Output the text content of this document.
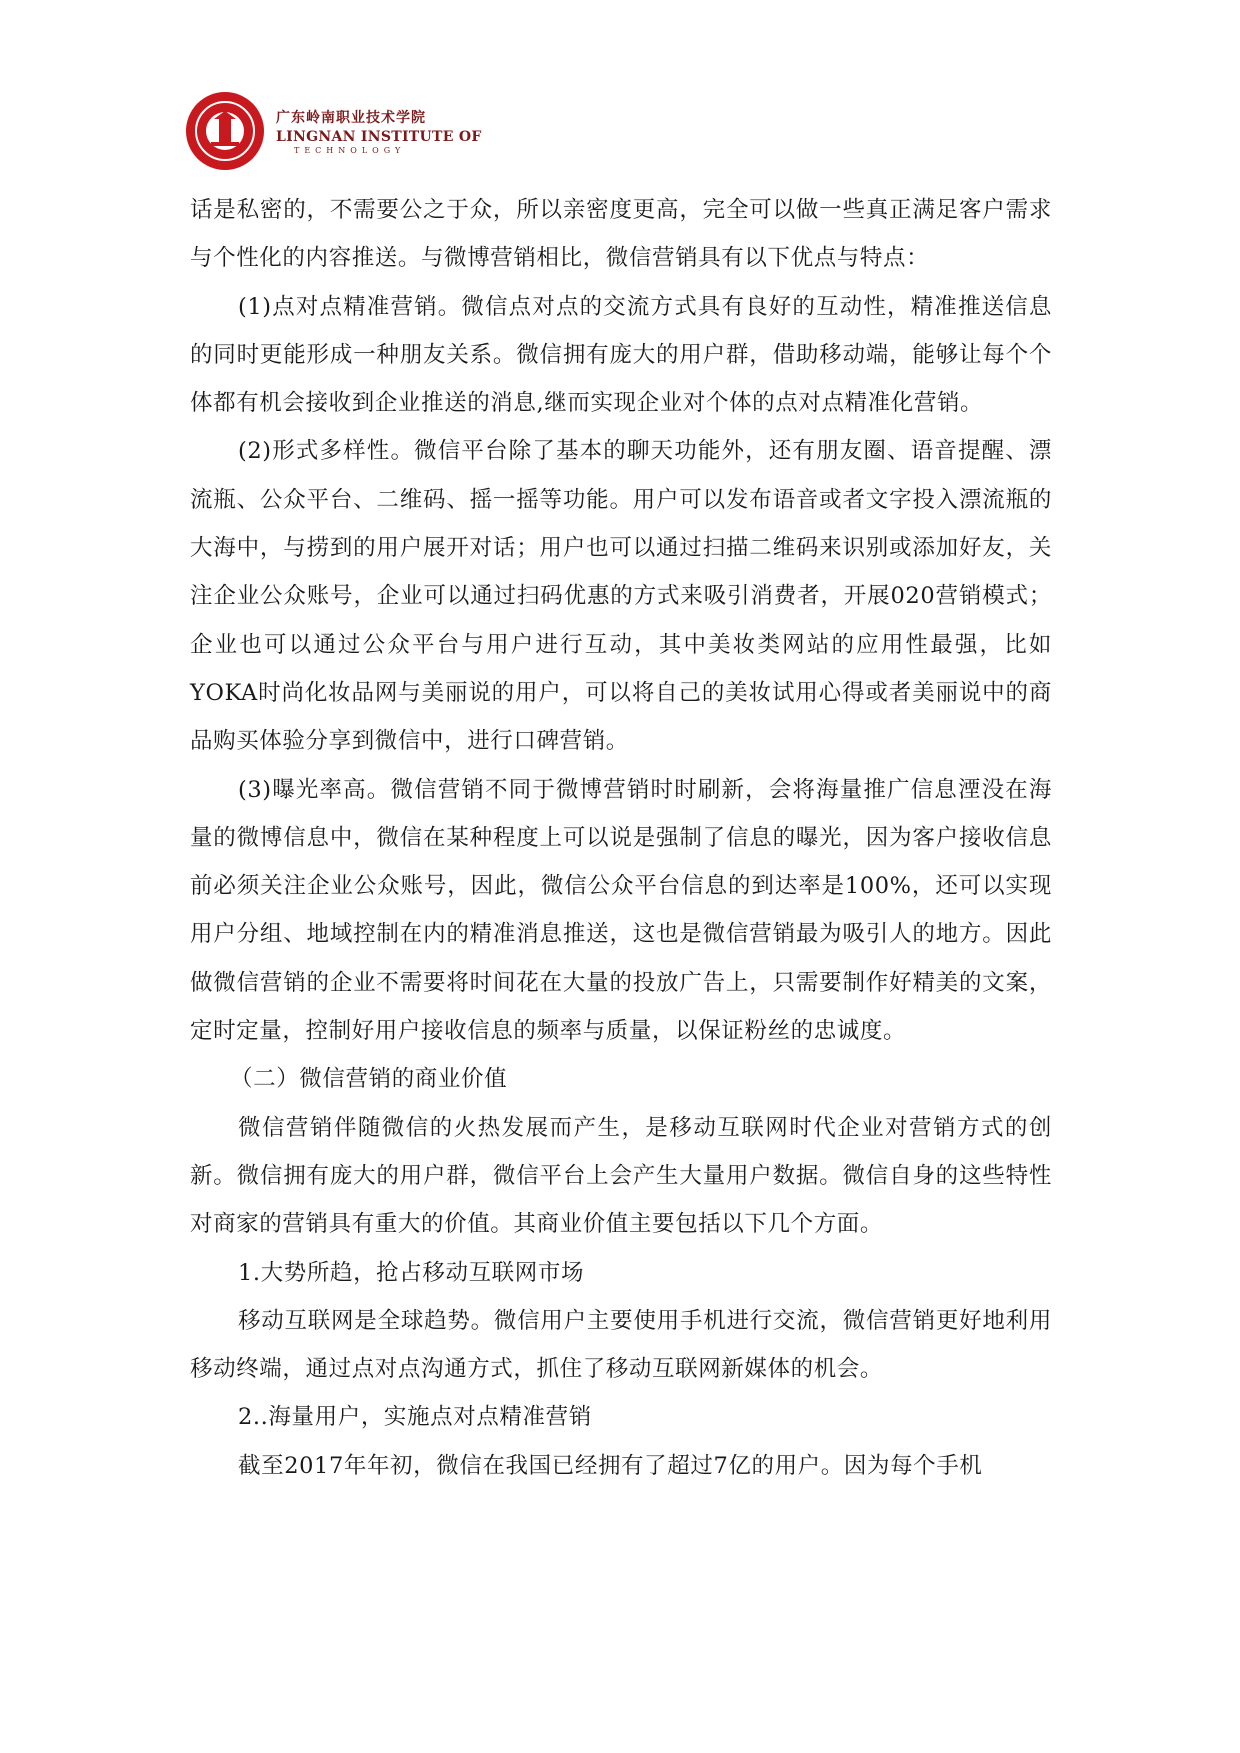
广东岭南职业技术学院
LINGNAN INSTITUTE OF
TECHNOLOGY

话是私密的，不需要公之于众，所以亲密度更高，完全可以做一些真正满足客户需求与个性化的内容推送。与微博营销相比，微信营销具有以下优点与特点：

(1)点对点精准营销。微信点对点的交流方式具有良好的互动性，精准推送信息的同时更能形成一种朋友关系。微信拥有庞大的用户群，借助移动端，能够让每个个体都有机会接收到企业推送的消息,继而实现企业对个体的点对点精准化营销。

(2)形式多样性。微信平台除了基本的聊天功能外，还有朋友圈、语音提醒、漂流瓶、公众平台、二维码、摇一摇等功能。用户可以发布语音或者文字投入漂流瓶的大海中，与捞到的用户展开对话；用户也可以通过扫描二维码来识别或添加好友，关注企业公众账号，企业可以通过扫码优惠的方式来吸引消费者，开展020营销模式；企业也可以通过公众平台与用户进行互动，其中美妆类网站的应用性最强，比如YOKA时尚化妆品网与美丽说的用户，可以将自己的美妆试用心得或者美丽说中的商品购买体验分享到微信中，进行口碑营销。

(3)曝光率高。微信营销不同于微博营销时时刷新，会将海量推广信息湮没在海量的微博信息中，微信在某种程度上可以说是强制了信息的曝光，因为客户接收信息前必须关注企业公众账号，因此，微信公众平台信息的到达率是100%，还可以实现用户分组、地域控制在内的精准消息推送，这也是微信营销最为吸引人的地方。因此做微信营销的企业不需要将时间花在大量的投放广告上，只需要制作好精美的文案，定时定量，控制好用户接收信息的频率与质量，以保证粉丝的忠诚度。

（二）微信营销的商业价值

微信营销伴随微信的火热发展而产生，是移动互联网时代企业对营销方式的创新。微信拥有庞大的用户群，微信平台上会产生大量用户数据。微信自身的这些特性对商家的营销具有重大的价值。其商业价值主要包括以下几个方面。

1.大势所趋，抢占移动互联网市场

移动互联网是全球趋势。微信用户主要使用手机进行交流，微信营销更好地利用移动终端，通过点对点沟通方式，抓住了移动互联网新媒体的机会。

2..海量用户，实施点对点精准营销

截至2017年年初，微信在我国已经拥有了超过7亿的用户。因为每个手机
